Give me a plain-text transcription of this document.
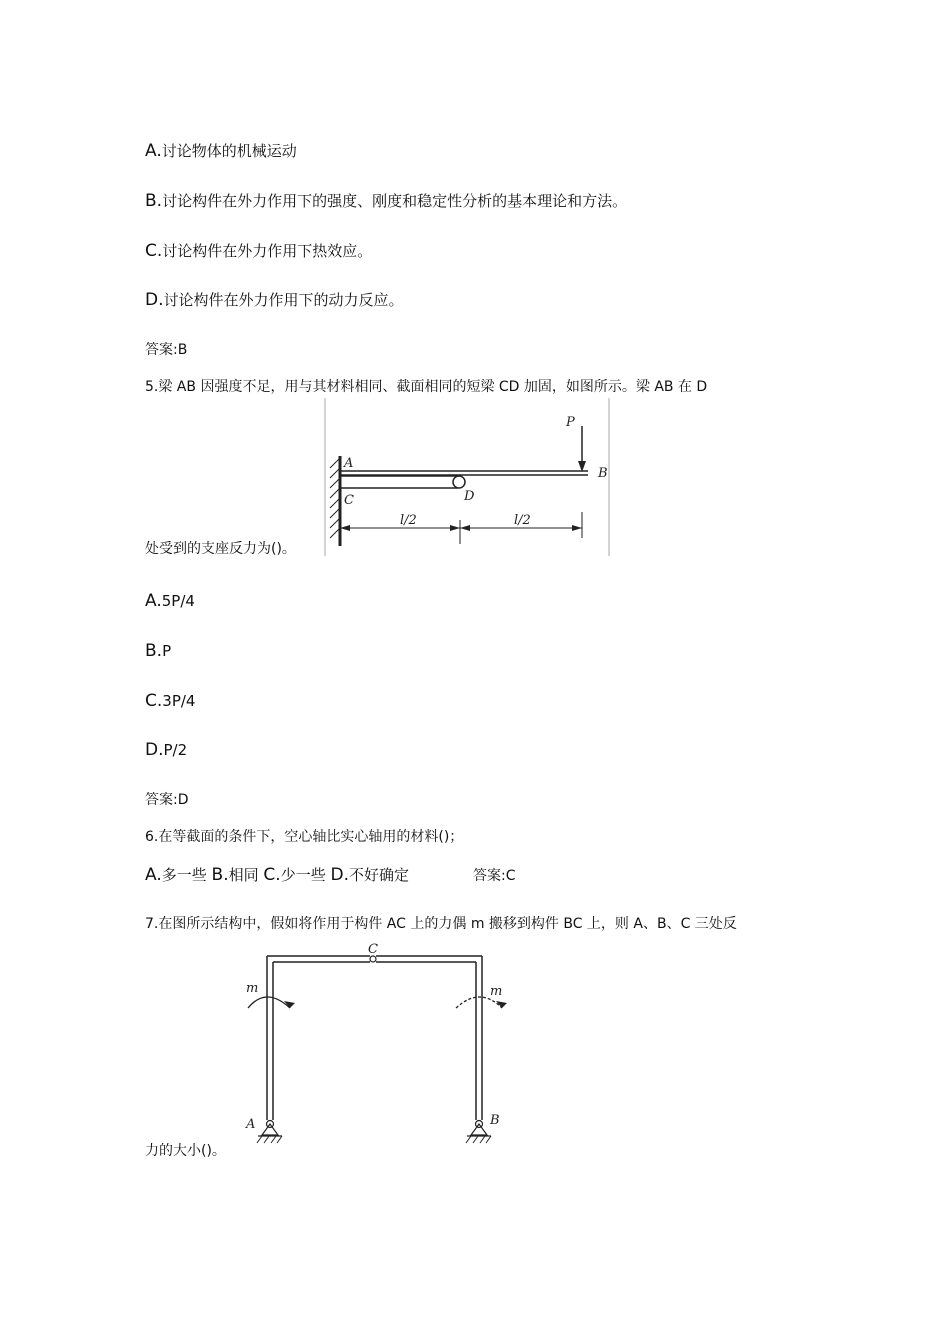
A.讨论物体的机械运动
B.讨论构件在外力作用下的强度、刚度和稳定性分析的基本理论和方法。
C.讨论构件在外力作用下热效应。
D.讨论构件在外力作用下的动力反应。
答案:B
5.梁 AB 因强度不足，用与其材料相同、截面相同的短梁 CD 加固，如图所示。梁 AB 在 D
P
A
B
C	D
l/2	l/2
处受到的支座反力为()。
A.5P/4
B.P
C.3P/4
D.P/2
答案:D
6.在等截面的条件下，空心轴比实心轴用的材料()；
A.多一些 B.相同 C.少一些 D.不好确定	答案:C
7.在图所示结构中，假如将作用于构件 AC 上的力偶 m 搬移到构件 BC 上，则 A、B、C 三处反
C
m	m
A	B
力的大小()。
